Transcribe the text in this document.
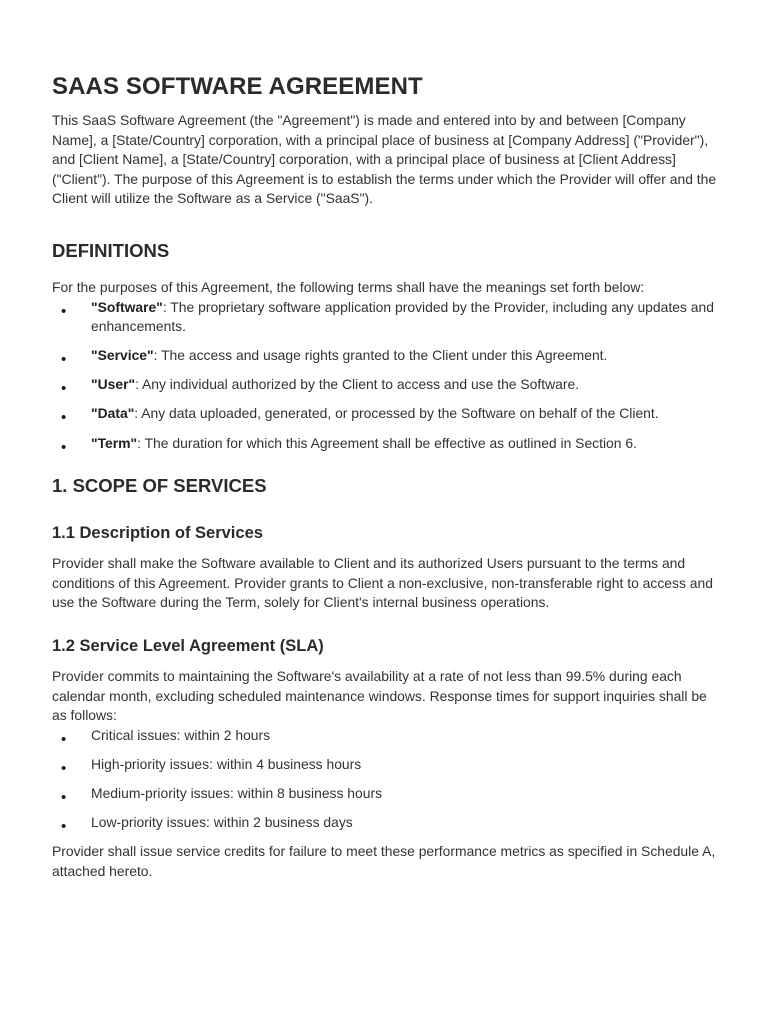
SAAS SOFTWARE AGREEMENT

This SaaS Software Agreement (the "Agreement") is made and entered into by and between [Company Name], a [State/Country] corporation, with a principal place of business at [Company Address] ("Provider"), and [Client Name], a [State/Country] corporation, with a principal place of business at [Client Address] ("Client"). The purpose of this Agreement is to establish the terms under which the Provider will offer and the Client will utilize the Software as a Service ("SaaS").

DEFINITIONS

For the purposes of this Agreement, the following terms shall have the meanings set forth below:

• "Software": The proprietary software application provided by the Provider, including any updates and enhancements.
• "Service": The access and usage rights granted to the Client under this Agreement.
• "User": Any individual authorized by the Client to access and use the Software.
• "Data": Any data uploaded, generated, or processed by the Software on behalf of the Client.
• "Term": The duration for which this Agreement shall be effective as outlined in Section 6.
1. SCOPE OF SERVICES
1.1 Description of Services

Provider shall make the Software available to Client and its authorized Users pursuant to the terms and conditions of this Agreement. Provider grants to Client a non-exclusive, non-transferable right to access and use the Software during the Term, solely for Client's internal business operations.

1.2 Service Level Agreement (SLA)

Provider commits to maintaining the Software's availability at a rate of not less than 99.5% during each calendar month, excluding scheduled maintenance windows. Response times for support inquiries shall be as follows:

• Critical issues: within 2 hours
• High-priority issues: within 4 business hours
• Medium-priority issues: within 8 business hours
• Low-priority issues: within 2 business days

Provider shall issue service credits for failure to meet these performance metrics as specified in Schedule A, attached hereto.
